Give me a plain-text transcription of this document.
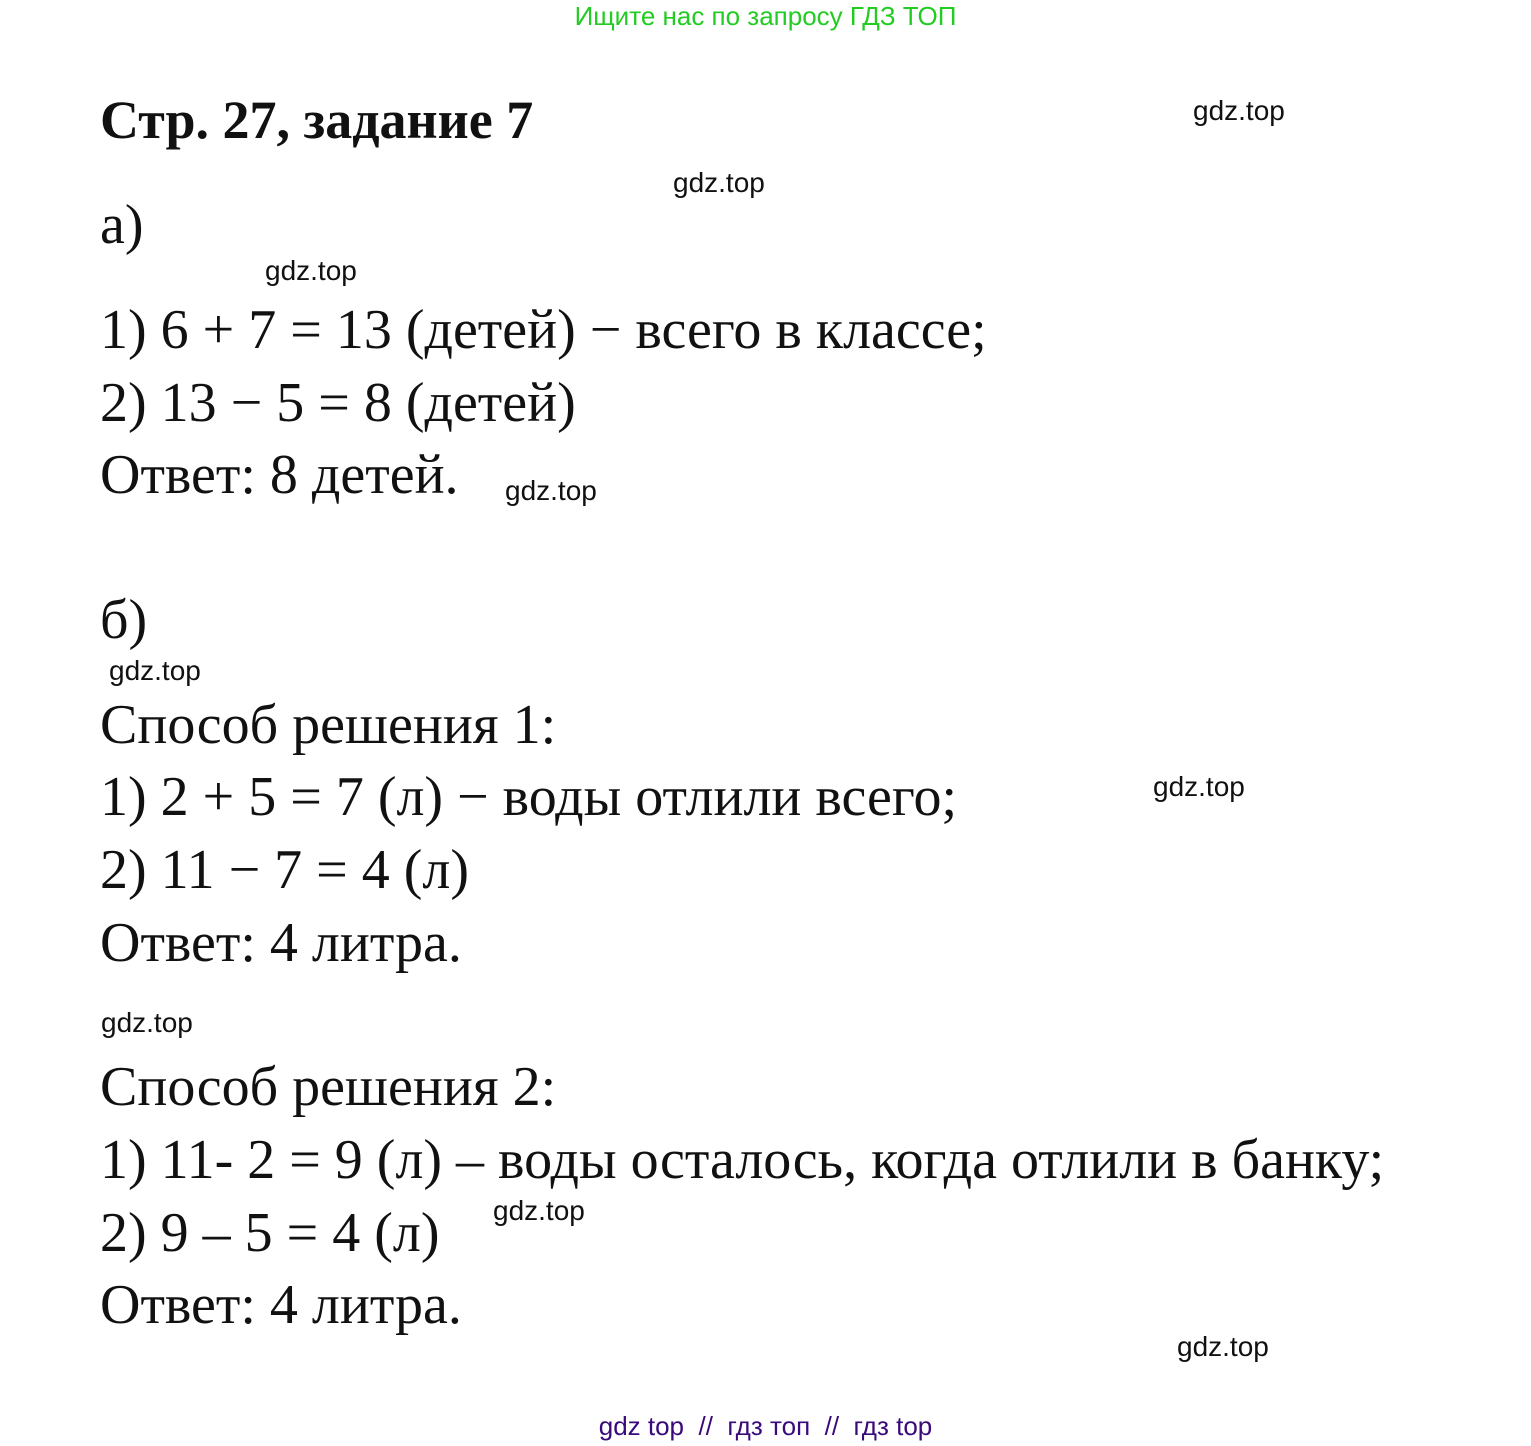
Ищите нас по запросу ГДЗ ТОП
Стр. 27, задание 7
а)
1) 6 + 7 = 13 (детей) − всего в классе;
2) 13 − 5 = 8 (детей)
Ответ: 8 детей.
б)
Способ решения 1:
1) 2 + 5 = 7 (л) − воды отлили всего;
2) 11 − 7 = 4 (л)
Ответ: 4 литра.
Способ решения 2:
1) 11- 2 = 9 (л) – воды осталось, когда отлили в банку;
2) 9 – 5 = 4 (л)
Ответ: 4 литра.
gdz.top
gdz.top
gdz.top
gdz.top
gdz.top
gdz.top
gdz.top
gdz.top
gdz.top
gdz top  //  гдз топ  //  гдз top
